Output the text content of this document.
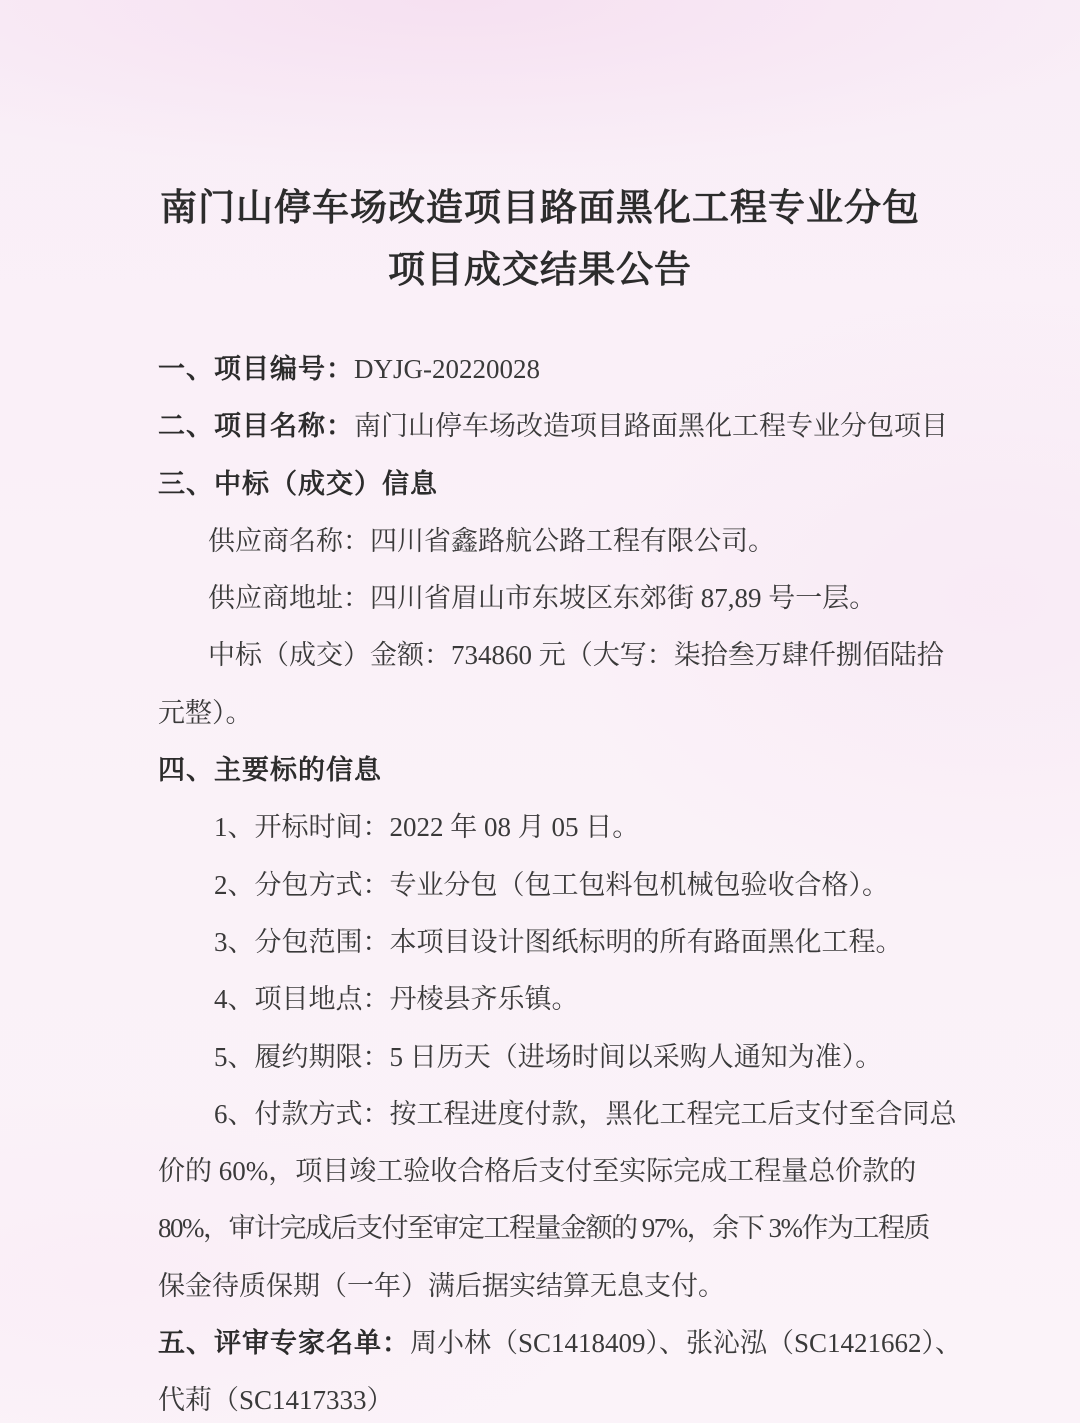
南门山停车场改造项目路面黑化工程专业分包
项目成交结果公告
一、项目编号：DYJG-20220028
二、项目名称：南门山停车场改造项目路面黑化工程专业分包项目
三、中标（成交）信息
供应商名称：四川省鑫路航公路工程有限公司。
供应商地址：四川省眉山市东坡区东郊街 87,89 号一层。
中标（成交）金额：734860 元（大写：柒拾叁万肆仟捌佰陆拾
元整）。
四、主要标的信息
1、开标时间：2022 年 08 月 05 日。
2、分包方式：专业分包（包工包料包机械包验收合格）。
3、分包范围：本项目设计图纸标明的所有路面黑化工程。
4、项目地点：丹棱县齐乐镇。
5、履约期限：5 日历天（进场时间以采购人通知为准）。
6、付款方式：按工程进度付款，黑化工程完工后支付至合同总
价的 60%，项目竣工验收合格后支付至实际完成工程量总价款的
80%，审计完成后支付至审定工程量金额的 97%，余下 3%作为工程质
保金待质保期（一年）满后据实结算无息支付。
五、评审专家名单：周小林（SC1418409）、张沁泓（SC1421662）、
代莉（SC1417333）
